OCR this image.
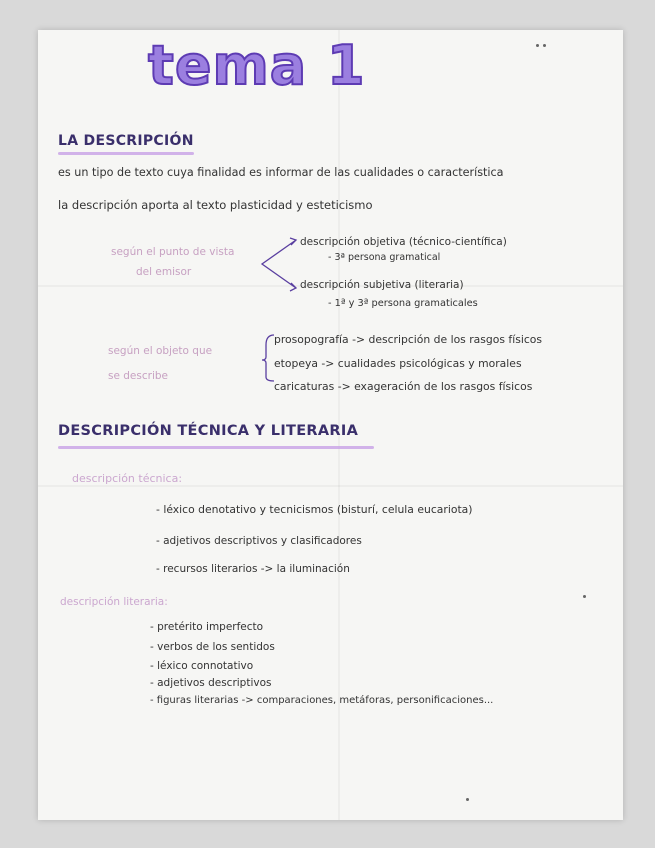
tema 1
LA DESCRIPCIÓN
es un tipo de texto cuya finalidad es informar de las cualidades o característica
la descripción aporta al texto plasticidad y esteticismo
según el punto de vista
del emisor
descripción objetiva (técnico-científica)
- 3ª persona gramatical
descripción subjetiva (literaria)
- 1ª y 3ª persona gramaticales
según el objeto que
se describe
prosopografía -> descripción de los rasgos físicos
etopeya -> cualidades psicológicas y morales
caricaturas -> exageración de los rasgos físicos
DESCRIPCIÓN TÉCNICA Y LITERARIA
descripción técnica:
- léxico denotativo y tecnicismos (bisturí, celula eucariota)
- adjetivos descriptivos y clasificadores
- recursos literarios -> la iluminación
descripción literaria:
- pretérito imperfecto
- verbos de los sentidos
- léxico connotativo
- adjetivos descriptivos
- figuras literarias -> comparaciones, metáforas, personificaciones...
